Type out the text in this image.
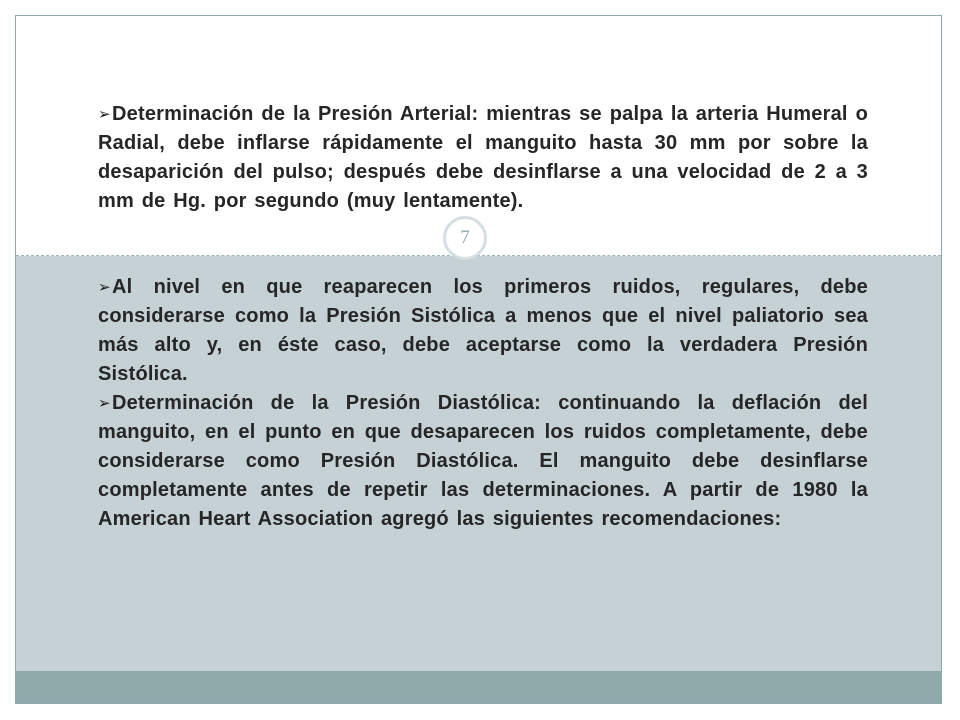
7

➢Determinación de la Presión Arterial: mientras se palpa la arteria Humeral o Radial, debe inflarse rápidamente el manguito hasta 30 mm por sobre la desaparición del pulso; después debe desinflarse a una velocidad de 2 a 3 mm de Hg. por segundo (muy lentamente).

➢Al nivel en que reaparecen los primeros ruidos, regulares, debe considerarse como la Presión Sistólica a menos que el nivel paliatorio sea más alto y, en éste caso, debe aceptarse como la verdadera Presión Sistólica.

➢Determinación de la Presión Diastólica: continuando la deflación del manguito, en el punto en que desaparecen los ruidos completamente, debe considerarse como Presión Diastólica. El manguito debe desinflarse completamente antes de repetir las determinaciones. A partir de 1980 la American Heart Association agregó las siguientes recomendaciones:
